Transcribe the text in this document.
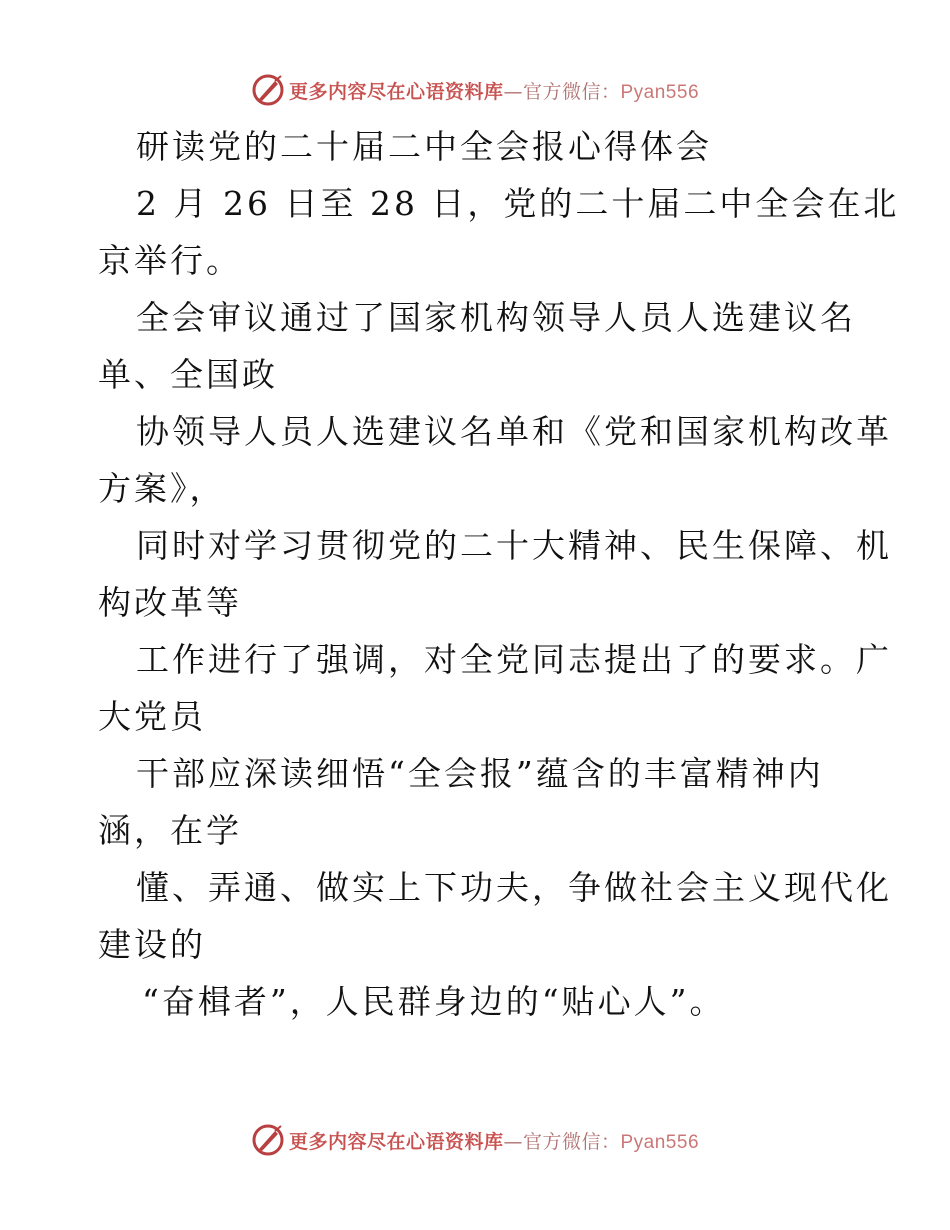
更多内容尽在心语资料库—官方微信：Pyan556
研读党的二十届二中全会报心得体会
2 月 26 日至 28 日，党的二十届二中全会在北
京举行。
全会审议通过了国家机构领导人员人选建议名
单、全国政
协领导人员人选建议名单和《党和国家机构改革
方案》，
同时对学习贯彻党的二十大精神、民生保障、机
构改革等
工作进行了强调，对全党同志提出了的要求。广
大党员
干部应深读细悟“全会报”蕴含的丰富精神内
涵，在学
懂、弄通、做实上下功夫，争做社会主义现代化
建设的
“奋楫者”，人民群身边的“贴心人”。
更多内容尽在心语资料库—官方微信：Pyan556
